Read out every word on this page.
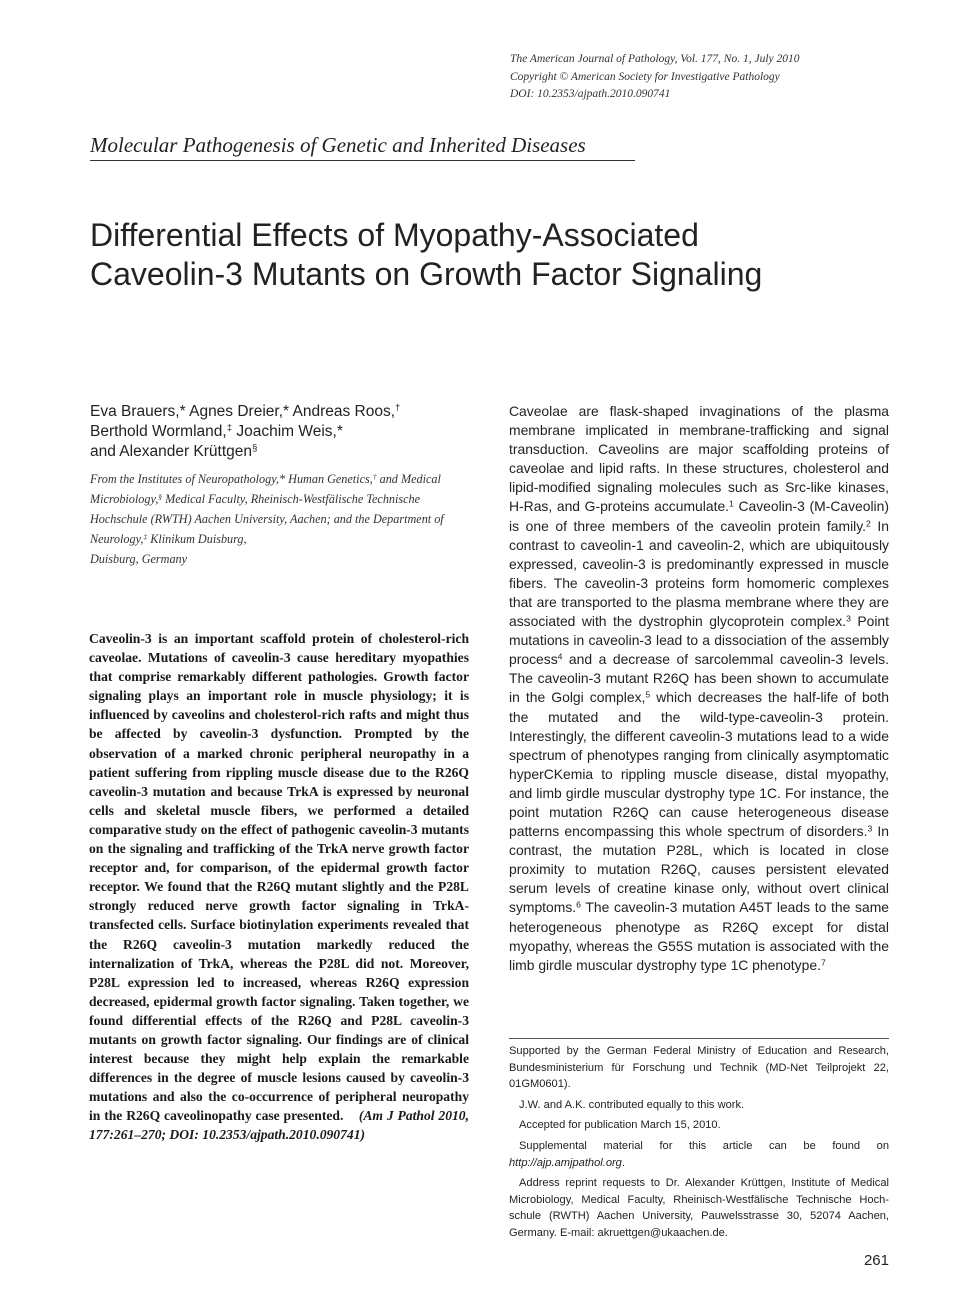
The American Journal of Pathology, Vol. 177, No. 1, July 2010
Copyright © American Society for Investigative Pathology
DOI: 10.2353/ajpath.2010.090741
Molecular Pathogenesis of Genetic and Inherited Diseases
Differential Effects of Myopathy-Associated
Caveolin-3 Mutants on Growth Factor Signaling
Eva Brauers,* Agnes Dreier,* Andreas Roos,†
Berthold Wormland,‡ Joachim Weis,*
and Alexander Krüttgen§
From the Institutes of Neuropathology,* Human Genetics,† and Medical Microbiology,§ Medical Faculty, Rheinisch-Westfälische Technische Hochschule (RWTH) Aachen University, Aachen; and the Department of Neurology,‡ Klinikum Duisburg,
Duisburg, Germany
Caveolin-3 is an important scaffold protein of cholesterol-rich caveolae. Mutations of caveolin-3 cause hereditary myopathies that comprise remarkably different pathologies. Growth factor signaling plays an important role in muscle physiology; it is influenced by caveolins and cholesterol-rich rafts and might thus be affected by caveolin-3 dysfunction. Prompted by the observation of a marked chronic peripheral neuropathy in a patient suffering from rippling muscle disease due to the R26Q caveolin-3 mutation and because TrkA is expressed by neuronal cells and skeletal muscle fibers, we performed a detailed comparative study on the effect of pathogenic caveolin-3 mutants on the signaling and trafficking of the TrkA nerve growth factor receptor and, for comparison, of the epidermal growth factor receptor. We found that the R26Q mutant slightly and the P28L strongly reduced nerve growth factor signaling in TrkA-transfected cells. Surface biotinylation experiments revealed that the R26Q caveolin-3 mutation markedly reduced the internalization of TrkA, whereas the P28L did not. Moreover, P28L expression led to increased, whereas R26Q expression decreased, epidermal growth factor signaling. Taken together, we found differential effects of the R26Q and P28L caveolin-3 mutants on growth factor signaling. Our findings are of clinical interest because they might help explain the remarkable differences in the degree of muscle lesions caused by caveolin-3 mutations and also the co-occurrence of peripheral neuropathy in the R26Q caveolinopathy case presented. (Am J Pathol 2010, 177:261–270; DOI: 10.2353/ajpath.2010.090741)
Caveolae are flask-shaped invaginations of the plasma membrane implicated in membrane-trafficking and signal transduction. Caveolins are major scaffolding proteins of caveolae and lipid rafts. In these structures, cholesterol and lipid-modified signaling molecules such as Src-like kinases, H-Ras, and G-proteins accumulate.$^1$ Caveolin-3 (M-Caveolin) is one of three members of the caveolin protein family.$^2$ In contrast to caveolin-1 and caveolin-2, which are ubiquitously expressed, caveolin-3 is predominantly expressed in muscle fibers. The caveolin-3 proteins form homomeric complexes that are transported to the plasma membrane where they are associated with the dystrophin glycoprotein complex.$^3$ Point mutations in caveolin-3 lead to a dissociation of the assembly process$^4$ and a decrease of sarcolemmal caveolin-3 levels. The caveolin-3 mutant R26Q has been shown to accumulate in the Golgi complex,$^5$ which decreases the half-life of both the mutated and the wild-type-caveolin-3 protein. Interestingly, the different caveolin-3 mutations lead to a wide spectrum of phenotypes ranging from clinically asymptomatic hyperCKemia to rippling muscle disease, distal myopathy, and limb girdle muscular dystrophy type 1C. For instance, the point mutation R26Q can cause heterogeneous disease patterns encompassing this whole spectrum of disorders.$^3$ In contrast, the mutation P28L, which is located in close proximity to mutation R26Q, causes persistent elevated serum levels of creatine kinase only, without overt clinical symptoms.$^6$ The caveolin-3 mutation A45T leads to the same heterogeneous phenotype as R26Q except for distal myopathy, whereas the G55S mutation is associated with the limb girdle muscular dystrophy type 1C phenotype.$^7$

Supported by the German Federal Ministry of Education and Research, Bundesministerium für Forschung und Technik (MD-Net Teilprojekt 22, 01GM0601).

J.W. and A.K. contributed equally to this work.

Accepted for publication March 15, 2010.

Supplemental material for this article can be found on http://ajp.amjpathol.org.

Address reprint requests to Dr. Alexander Krüttgen, Institute of Medical Microbiology, Medical Faculty, Rheinisch-Westfälische Technische Hochschule (RWTH) Aachen University, Pauwelsstrasse 30, 52074 Aachen, Germany. E-mail: akruettgen@ukaachen.de.

261
